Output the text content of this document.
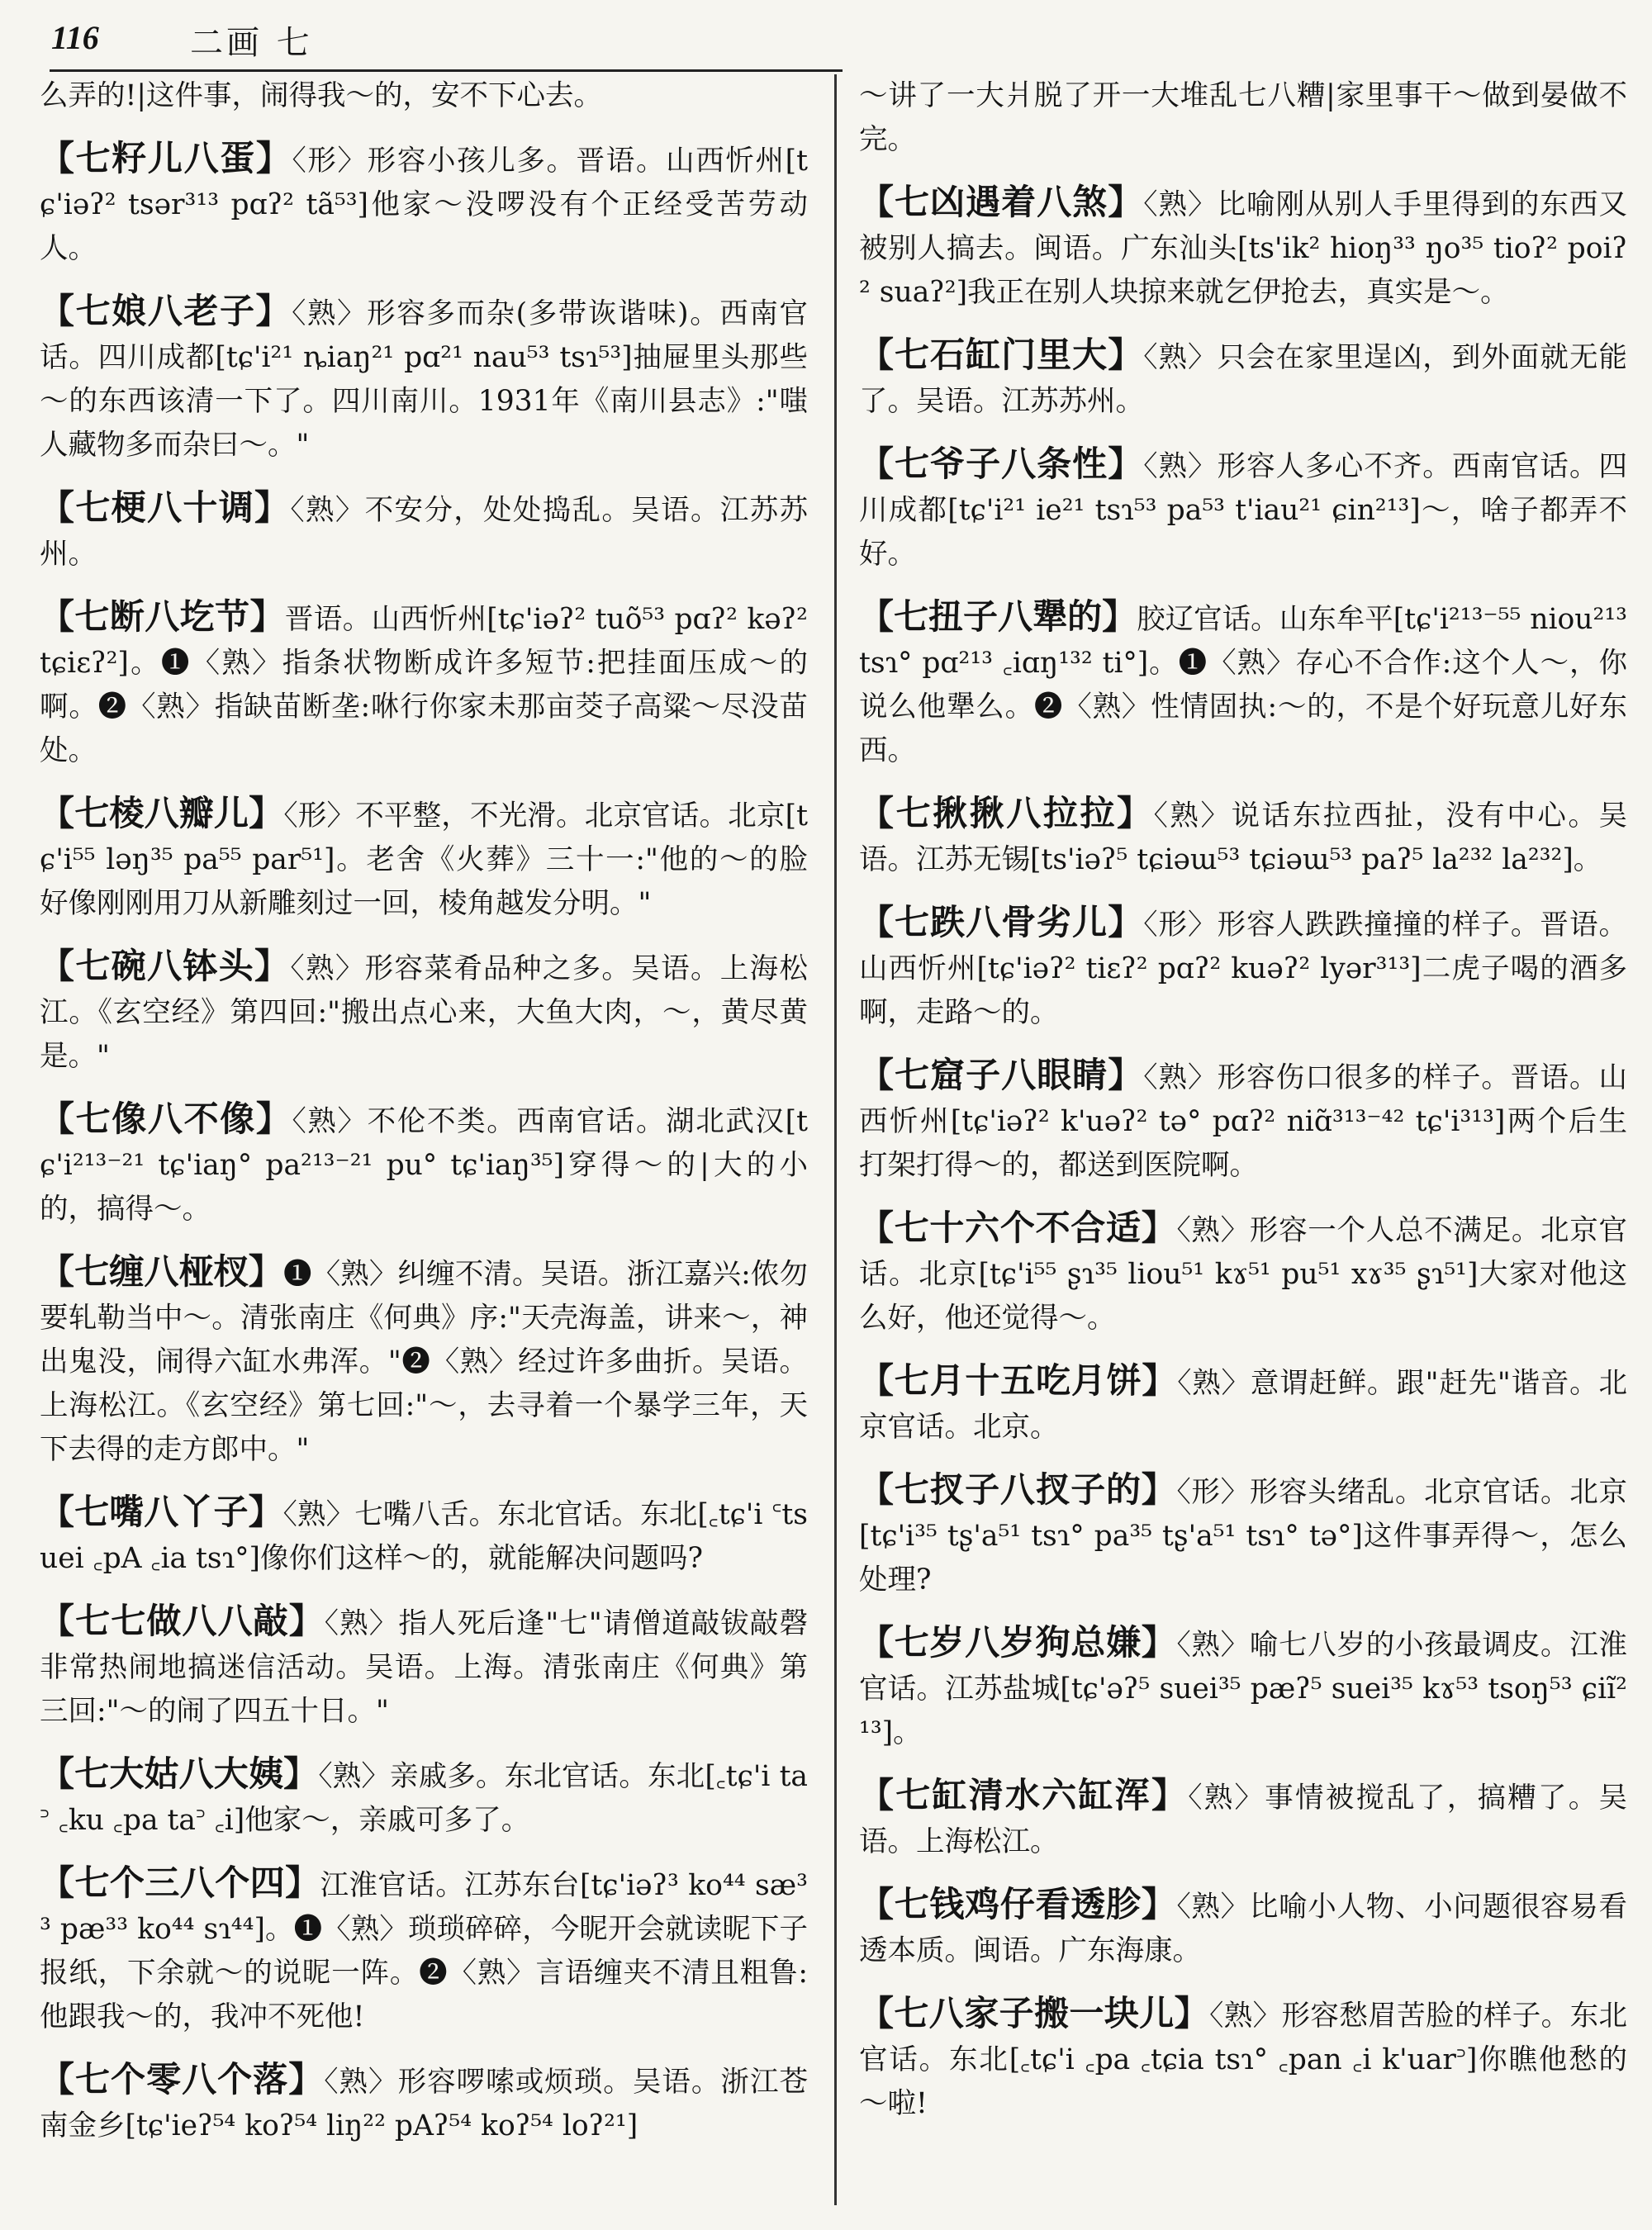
116	二画 七
么弄的!|这件事，闹得我～的，安不下心去。

【七籽儿八蛋】〈形〉形容小孩儿多。晋语。山西忻州[tɕ'iəʔ² tsər³¹³ pɑʔ² tã⁵³]他家～没啰没有个正经受苦劳动人。

【七娘八老子】〈熟〉形容多而杂(多带诙谐味)。西南官话。四川成都[tɕ'i²¹ ȵiaŋ²¹ pɑ²¹ nau⁵³ tsɿ⁵³]抽屉里头那些～的东西该清一下了。四川南川。1931年《南川县志》:"嗤人藏物多而杂曰～。"

【七梗八十调】〈熟〉不安分，处处捣乱。吴语。江苏苏州。

【七断八圪节】晋语。山西忻州[tɕ'iəʔ² tuõ⁵³ pɑʔ² kəʔ² tɕiɛʔ²]。❶〈熟〉指条状物断成许多短节:把挂面压成～的啊。❷〈熟〉指缺苗断垄:咻行你家未那亩茭子高粱～尽没苗处。

【七棱八瓣儿】〈形〉不平整，不光滑。北京官话。北京[tɕ'i⁵⁵ ləŋ³⁵ pa⁵⁵ par⁵¹]。老舍《火葬》三十一:"他的～的脸好像刚刚用刀从新雕刻过一回，棱角越发分明。"

【七碗八钵头】〈熟〉形容菜肴品种之多。吴语。上海松江。《玄空经》第四回:"搬出点心来，大鱼大肉，～，黄尽黄是。"

【七像八不像】〈熟〉不伦不类。西南官话。湖北武汉[tɕ'i²¹³⁻²¹ tɕ'iaŋ° pa²¹³⁻²¹ pu° tɕ'iaŋ³⁵]穿得～的|大的小的，搞得～。

【七缠八桠杈】❶〈熟〉纠缠不清。吴语。浙江嘉兴:侬勿要轧勒当中～。清张南庄《何典》序:"天壳海盖，讲来～，神出鬼没，闹得六缸水弗浑。"❷〈熟〉经过许多曲折。吴语。上海松江。《玄空经》第七回:"～，去寻着一个暴学三年，天下去得的走方郎中。"

【七嘴八丫子】〈熟〉七嘴八舌。东北官话。东北[꜀tɕ'i ꜂tsuei ꜀pA ꜀ia tsɿ°]像你们这样～的，就能解决问题吗?

【七七做八八敲】〈熟〉指人死后逢"七"请僧道敲钹敲磬非常热闹地搞迷信活动。吴语。上海。清张南庄《何典》第三回:"～的闹了四五十日。"

【七大姑八大姨】〈熟〉亲戚多。东北官话。东北[꜀tɕ'i ta꜄ ꜀ku ꜀pa ta꜄ ꜀i]他家～，亲戚可多了。

【七个三八个四】江淮官话。江苏东台[tɕ'iəʔ³ ko⁴⁴ sæ³³ pæ³³ ko⁴⁴ sɿ⁴⁴]。❶〈熟〉琐琐碎碎，今昵开会就读昵下子报纸，下余就～的说昵一阵。❷〈熟〉言语缠夹不清且粗鲁:他跟我～的，我冲不死他!

【七个零八个落】〈熟〉形容啰嗦或烦琐。吴语。浙江苍南金乡[tɕ'ieʔ⁵⁴ koʔ⁵⁴ liŋ²² pAʔ⁵⁴ koʔ⁵⁴ loʔ²¹]

～讲了一大爿脱了开一大堆乱七八糟|家里事干～做到晏做不完。

【七凶遇着八煞】〈熟〉比喻刚从别人手里得到的东西又被别人搞去。闽语。广东汕头[ts'ik² hioŋ³³ ŋo³⁵ tioʔ² poiʔ² suaʔ²]我正在别人块掠来就乞伊抢去，真实是～。

【七石缸门里大】〈熟〉只会在家里逞凶，到外面就无能了。吴语。江苏苏州。

【七爷子八条性】〈熟〉形容人多心不齐。西南官话。四川成都[tɕ'i²¹ ie²¹ tsɿ⁵³ pa⁵³ t'iau²¹ ɕin²¹³]～，啥子都弄不好。

【七扭子八犟的】胶辽官话。山东牟平[tɕ'i²¹³⁻⁵⁵ niou²¹³ tsɿ° pɑ²¹³ ꜀iɑŋ¹³² ti°]。❶〈熟〉存心不合作:这个人～，你说么他犟么。❷〈熟〉性情固执:～的，不是个好玩意儿好东西。

【七揪揪八拉拉】〈熟〉说话东拉西扯，没有中心。吴语。江苏无锡[ts'iəʔ⁵ tɕiəɯ⁵³ tɕiəɯ⁵³ paʔ⁵ la²³² la²³²]。

【七跌八骨劣儿】〈形〉形容人跌跌撞撞的样子。晋语。山西忻州[tɕ'iəʔ² tiɛʔ² pɑʔ² kuəʔ² lyər³¹³]二虎子喝的酒多啊，走路～的。

【七窟子八眼睛】〈熟〉形容伤口很多的样子。晋语。山西忻州[tɕ'iəʔ² k'uəʔ² tə° pɑʔ² niɑ̃³¹³⁻⁴² tɕ'i³¹³]两个后生打架打得～的，都送到医院啊。

【七十六个不合适】〈熟〉形容一个人总不满足。北京官话。北京[tɕ'i⁵⁵ ʂɿ³⁵ liou⁵¹ kɤ⁵¹ pu⁵¹ xɤ³⁵ ʂɿ⁵¹]大家对他这么好，他还觉得～。

【七月十五吃月饼】〈熟〉意谓赶鲜。跟"赶先"谐音。北京官话。北京。

【七扠子八扠子的】〈形〉形容头绪乱。北京官话。北京[tɕ'i³⁵ tʂ'a⁵¹ tsɿ° pa³⁵ tʂ'a⁵¹ tsɿ° tə°]这件事弄得～，怎么处理?

【七岁八岁狗总嫌】〈熟〉喻七八岁的小孩最调皮。江淮官话。江苏盐城[tɕ'əʔ⁵ suei³⁵ pæʔ⁵ suei³⁵ kɤ⁵³ tsoŋ⁵³ ɕiĩ²¹³]。

【七缸清水六缸浑】〈熟〉事情被搅乱了，搞糟了。吴语。上海松江。

【七钱鸡仔看透胗】〈熟〉比喻小人物、小问题很容易看透本质。闽语。广东海康。

【七八家子搬一块儿】〈熟〉形容愁眉苦脸的样子。东北官话。东北[꜀tɕ'i ꜀pa ꜀tɕia tsɿ° ꜀pan ꜀i k'uar꜄]你瞧他愁的～啦!
